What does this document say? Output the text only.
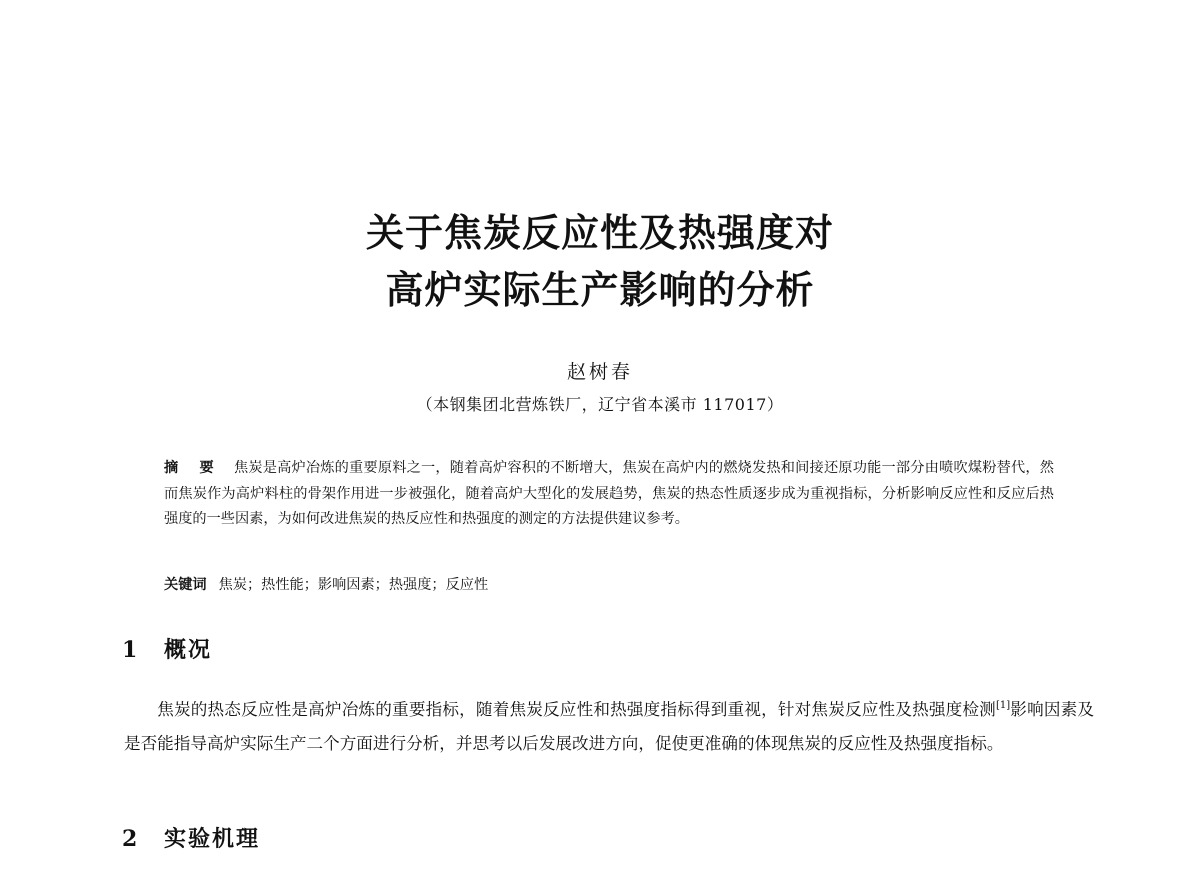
关于焦炭反应性及热强度对
高炉实际生产影响的分析
赵树春
（本钢集团北营炼铁厂，辽宁省本溪市 117017）
摘 要 焦炭是高炉冶炼的重要原料之一，随着高炉容积的不断增大，焦炭在高炉内的燃烧发热和间接还原功能一部分由喷吹煤粉替代，然而焦炭作为高炉料柱的骨架作用进一步被强化，随着高炉大型化的发展趋势，焦炭的热态性质逐步成为重视指标，分析影响反应性和反应后热强度的一些因素，为如何改进焦炭的热反应性和热强度的测定的方法提供建议参考。
关键词 焦炭；热性能；影响因素；热强度；反应性
1	概况
焦炭的热态反应性是高炉冶炼的重要指标，随着焦炭反应性和热强度指标得到重视，针对焦炭反应性及热强度检测[1]影响因素及是否能指导高炉实际生产二个方面进行分析，并思考以后发展改进方向，促使更准确的体现焦炭的反应性及热强度指标。
2	实验机理
